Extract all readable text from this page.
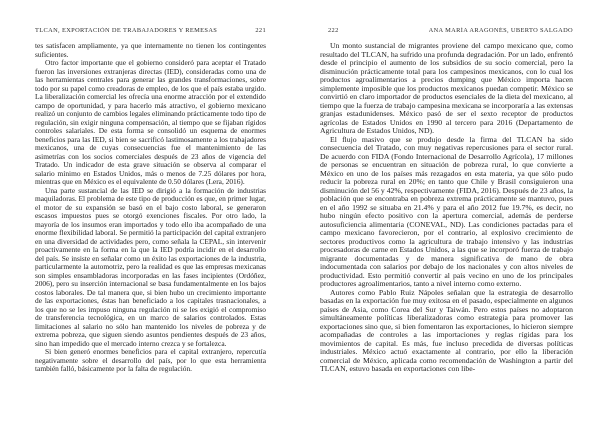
TLCAN, EXPORTACIÓN DE TRABAJADORES Y REMESAS	221

tes satisfacen ampliamente, ya que internamente no tienen los contingentes suficientes.

Otro factor importante que el gobierno consideró para aceptar el Tratado fueron las inversiones extranjeras directas (IED), consideradas como una de las herramientas centrales para generar las grandes transformaciones, sobre todo por su papel como creadoras de empleo, de los que el país estaba urgido. La liberalización comercial les ofrecía una enorme atracción por el extendido campo de oportunidad, y para hacerlo más atractivo, el gobierno mexicano realizó un conjunto de cambios legales eliminando prácticamente todo tipo de regulación, sin exigir ninguna compensación, al tiempo que se fijaban rígidos controles salariales. De esta forma se consolidó un esquema de enormes beneficios para las IED, si bien se sacrificó lastimosamente a los trabajadores mexicanos, una de cuyas consecuencias fue el mantenimiento de las asimetrías con los socios comerciales después de 23 años de vigencia del Tratado. Un indicador de esta grave situación se observa al comparar el salario mínimo en Estados Unidos, más o menos de 7.25 dólares por hora, mientras que en México es el equivalente de 0.50 dólares (Lera, 2016).

Una parte sustancial de las IED se dirigió a la formación de industrias maquiladoras. El problema de este tipo de producción es que, en primer lugar, el motor de su expansión se basó en el bajo costo laboral, se generaron escasos impuestos pues se otorgó exenciones fiscales. Por otro lado, la mayoría de los insumos eran importados y todo ello iba acompañado de una enorme flexibilidad laboral. Se permitió la participación del capital extranjero en una diversidad de actividades pero, como señala la CEPAL, sin intervenir proactivamente en la forma en la que la IED podría incidir en el desarrollo del país. Se insiste en señalar como un éxito las exportaciones de la industria, particularmente la automotriz, pero la realidad es que las empresas mexicanas son simples ensambladoras incorporadas en las fases incipientes (Ordóñez, 2006), pero su inserción internacional se basa fundamentalmente en los bajos costos laborales. De tal manera que, si bien hubo un crecimiento importante de las exportaciones, éstas han beneficiado a los capitales trasnacionales, a los que no se les impuso ninguna regulación ni se les exigió el compromiso de transferencia tecnológica, en un marco de salarios controlados. Estas limitaciones al salario no sólo han mantenido los niveles de pobreza y de extrema pobreza, que siguen siendo asuntos pendientes después de 23 años, sino han impedido que el mercado interno crezca y se fortalezca.

Si bien generó enormes beneficios para el capital extranjero, repercutía negativamente sobre el desarrollo del país, por lo que esta herramienta también falló, básicamente por la falta de regulación.

222	ANA MARÍA ARAGONÉS, UBERTO SALGADO

Un monto sustancial de migrantes proviene del campo mexicano que, como resultado del TLCAN, ha sufrido una profunda degradación. Por un lado, enfrentó desde el principio el aumento de los subsidios de su socio comercial, pero la disminución prácticamente total para los campesinos mexicanos, con lo cual los productos agroalimentarios a precios dumping que México importa hacen simplemente imposible que los productos mexicanos puedan competir. México se convirtió en claro importador de productos esenciales de la dieta del mexicano, al tiempo que la fuerza de trabajo campesina mexicana se incorporaría a las extensas granjas estadunidenses. México pasó de ser el sexto receptor de productos agrícolas de Estados Unidos en 1990 al tercero para 2016 (Departamento de Agricultura de Estados Unidos, ND).

El flujo masivo que se produjo desde la firma del TLCAN ha sido consecuencia del Tratado, con muy negativas repercusiones para el sector rural. De acuerdo con FIDA (Fondo Internacional de Desarrollo Agrícola), 17 millones de personas se encuentran en situación de pobreza rural, lo que convierte a México en uno de los países más rezagados en esta materia, ya que sólo pudo reducir la pobreza rural en 20%; en tanto que Chile y Brasil consiguieron una disminución del 56 y 42%, respectivamente (FIDA, 2016). Después de 23 años, la población que se encontraba en pobreza extrema prácticamente se mantuvo, pues en el año 1992 se situaba en 21.4% y para el año 2012 fue 19.7%, es decir, no hubo ningún efecto positivo con la apertura comercial, además de perderse autosuficiencia alimentaria (CONEVAL, ND). Las condiciones pactadas para el campo mexicano favorecieron, por el contrario, al explosivo crecimiento de sectores productivos como la agricultura de trabajo intensivo y las industrias procesadoras de carne en Estados Unidos, a las que se incorporó fuerza de trabajo migrante documentadas y de manera significativa de mano de obra indocumentada con salarios por debajo de los nacionales y con altos niveles de productividad. Esto permitió convertir al país vecino en uno de los principales productores agroalimentarios, tanto a nivel interno como externo.

Autores como Pablo Ruiz Nápoles señalan que la estrategia de desarrollo basadas en la exportación fue muy exitosa en el pasado, especialmente en algunos países de Asia, como Corea del Sur y Taiwán. Pero estos países no adoptaron simultáneamente políticas liberalizadoras como estrategia para promover las exportaciones sino que, si bien fomentaron las exportaciones, lo hicieron siempre acompañadas de controles a las importaciones y reglas rígidas para los movimientos de capital. Es más, fue incluso precedida de diversas políticas industriales. México actuó exactamente al contrario, por ello la liberación comercial de México, aplicada como recomendación de Washington a partir del TLCAN, estuvo basada en exportaciones con libe-
